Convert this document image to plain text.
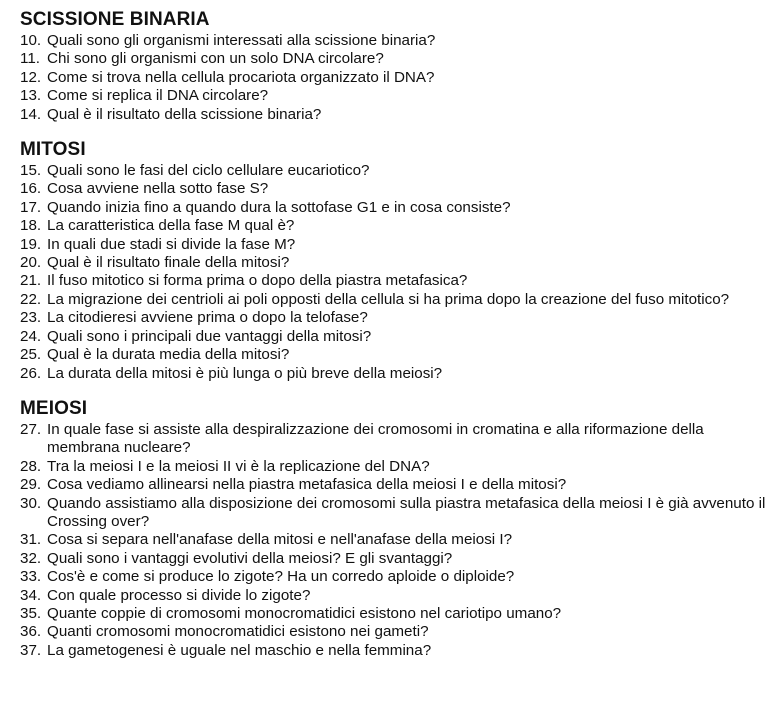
SCISSIONE BINARIA
10. Quali sono gli organismi interessati alla scissione binaria?
11. Chi sono gli organismi con un solo DNA circolare?
12. Come si trova nella cellula procariota organizzato il DNA?
13. Come si replica il DNA circolare?
14. Qual è il risultato della scissione binaria?
MITOSI
15. Quali sono le fasi del ciclo cellulare eucariotico?
16. Cosa avviene nella sotto fase S?
17. Quando inizia fino a quando dura la sottofase G1 e in cosa consiste?
18. La caratteristica della fase M qual è?
19. In quali due stadi si divide la fase M?
20. Qual è il risultato finale della mitosi?
21. Il fuso mitotico si forma prima o dopo della piastra metafasica?
22. La migrazione dei centrioli ai poli opposti della cellula si ha prima dopo la creazione del fuso mitotico?
23. La citodieresi avviene prima o dopo la telofase?
24. Quali sono i principali due vantaggi della mitosi?
25. Qual è la durata media della mitosi?
26. La durata della mitosi è più lunga o più breve della meiosi?
MEIOSI
27. In quale fase si assiste alla despiralizzazione dei cromosomi in cromatina e alla riformazione della membrana nucleare?
28. Tra la meiosi I e la meiosi II vi è la replicazione del DNA?
29. Cosa vediamo allinearsi nella piastra metafasica della meiosi I e della mitosi?
30. Quando assistiamo alla disposizione dei cromosomi sulla piastra metafasica della meiosi I è già avvenuto il Crossing over?
31. Cosa si separa nell'anafase della mitosi e nell'anafase della meiosi I?
32. Quali sono i vantaggi evolutivi della meiosi? E gli svantaggi?
33. Cos'è e come si produce lo zigote? Ha un corredo aploide o diploide?
34. Con quale processo si divide lo zigote?
35. Quante coppie di cromosomi monocromatidici esistono nel cariotipo umano?
36. Quanti cromosomi monocromatidici esistono nei gameti?
37. La gametogenesi è uguale nel maschio e nella femmina?
